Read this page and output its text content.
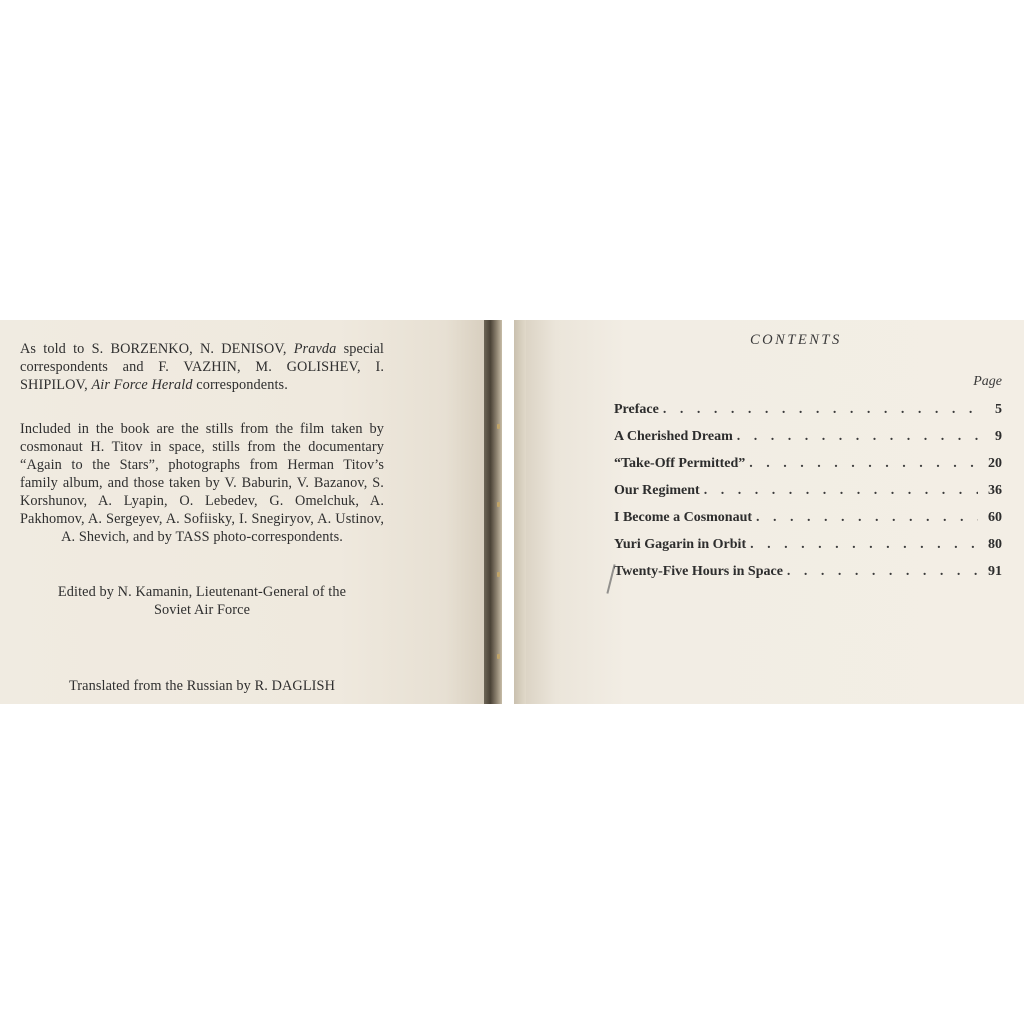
As told to S. BORZENKO, N. DENISOV, Pravda special correspondents and F. VAZHIN, M. GOLISHEV, I. SHIPILOV, Air Force Herald correspondents.

Included in the book are the stills from the film taken by cosmonaut H. Titov in space, stills from the documentary “Again to the Stars”, photographs from Herman Titov’s family album, and those taken by V. Baburin, V. Bazanov, S. Korshunov, A. Lyapin, O. Lebedev, G. Omelchuk, A. Pakhomov, A. Sergeyev, A. Sofiisky, I. Snegiryov, A. Ustinov, A. Shevich, and by TASS photo-correspondents.

Edited by N. Kamanin, Lieutenant-General of the

Soviet Air Force

Translated from the Russian by R. DAGLISH

CONTENTS
Page
Preface . . .	5
A Cherished Dream . . .	9
“Take-Off Permitted” . . .	20
Our Regiment . . .	36
I Become a Cosmonaut . . .	60
Yuri Gagarin in Orbit . . .	80
Twenty-Five Hours in Space . . .	91
